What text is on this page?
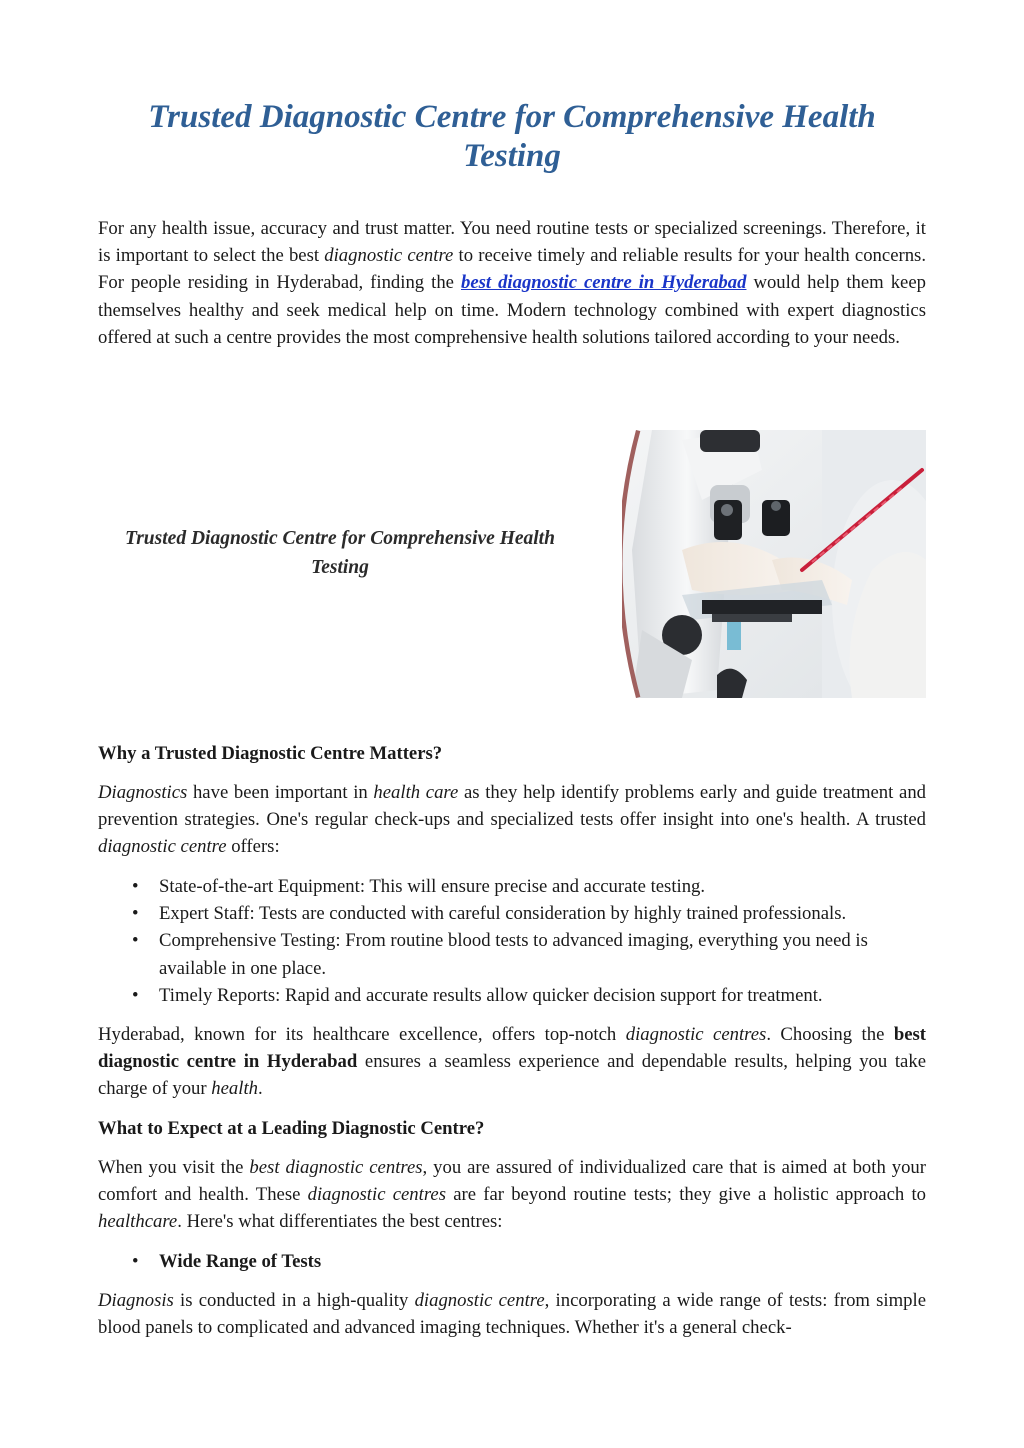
Trusted Diagnostic Centre for Comprehensive Health Testing

For any health issue, accuracy and trust matter. You need routine tests or specialized screenings. Therefore, it is important to select the best diagnostic centre to receive timely and reliable results for your health concerns. For people residing in Hyderabad, finding the best diagnostic centre in Hyderabad would help them keep themselves healthy and seek medical help on time. Modern technology combined with expert diagnostics offered at such a centre provides the most comprehensive health solutions tailored according to your needs.

Trusted Diagnostic Centre for Comprehensive Health Testing
Why a Trusted Diagnostic Centre Matters?

Diagnostics have been important in health care as they help identify problems early and guide treatment and prevention strategies. One's regular check-ups and specialized tests offer insight into one's health. A trusted diagnostic centre offers:

• State-of-the-art Equipment: This will ensure precise and accurate testing.
• Expert Staff: Tests are conducted with careful consideration by highly trained professionals.
• Comprehensive Testing: From routine blood tests to advanced imaging, everything you need is available in one place.
• Timely Reports: Rapid and accurate results allow quicker decision support for treatment.

Hyderabad, known for its healthcare excellence, offers top-notch diagnostic centres. Choosing the best diagnostic centre in Hyderabad ensures a seamless experience and dependable results, helping you take charge of your health.

What to Expect at a Leading Diagnostic Centre?

When you visit the best diagnostic centres, you are assured of individualized care that is aimed at both your comfort and health. These diagnostic centres are far beyond routine tests; they give a holistic approach to healthcare. Here's what differentiates the best centres:

• Wide Range of Tests

Diagnosis is conducted in a high-quality diagnostic centre, incorporating a wide range of tests: from simple blood panels to complicated and advanced imaging techniques. Whether it's a general check-
